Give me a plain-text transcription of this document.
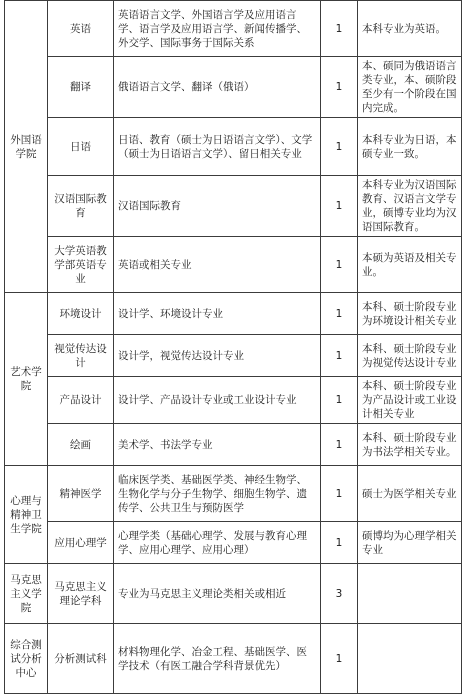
外国语学院	英语	英语语言文学、外国语言学及应用语言学、语言学及应用语言学、新闻传播学、外交学、国际事务于国际关系	1	本科专业为英语。
	翻译	俄语语言文学、翻译（俄语）	1	本、硕同为俄语语言类专业，本、硕阶段至少有一个阶段在国内完成。
	日语	日语、教育（硕士为日语语言文学）、文学（硕士为日语语言文学）、留日相关专业	1	本科专业为日语，本硕专业一致。
	汉语国际教育	汉语国际教育	1	本科专业为汉语国际教育、汉语言文学专业，硕博专业均为汉语国际教育。
	大学英语教学部英语专业	英语或相关专业	1	本硕为英语及相关专业。
艺术学院	环境设计	设计学、环境设计专业	1	本科、硕士阶段专业为环境设计相关专业
	视觉传达设计	设计学，视觉传达设计专业	1	本科、硕士阶段专业为视觉传达设计专业
	产品设计	设计学、产品设计专业或工业设计专业	1	本科、硕士阶段专业为产品设计或工业设计相关专业
	绘画	美术学、书法学专业	1	本科、硕士阶段专业为书法学相关专业。
心理与精神卫生学院	精神医学	临床医学类、基础医学类、神经生物学、生物化学与分子生物学、细胞生物学、遗传学、公共卫生与预防医学	1	硕士为医学相关专业
	应用心理学	心理学类（基础心理学、发展与教育心理学、应用心理学、应用心理）	1	硕博均为心理学相关专业
马克思主义学院	马克思主义理论学科	专业为马克思主义理论类相关或相近	3	
综合测试分析中心	分析测试科	材料物理化学、冶金工程、基础医学、医学技术（有医工融合学科背景优先）	1	
